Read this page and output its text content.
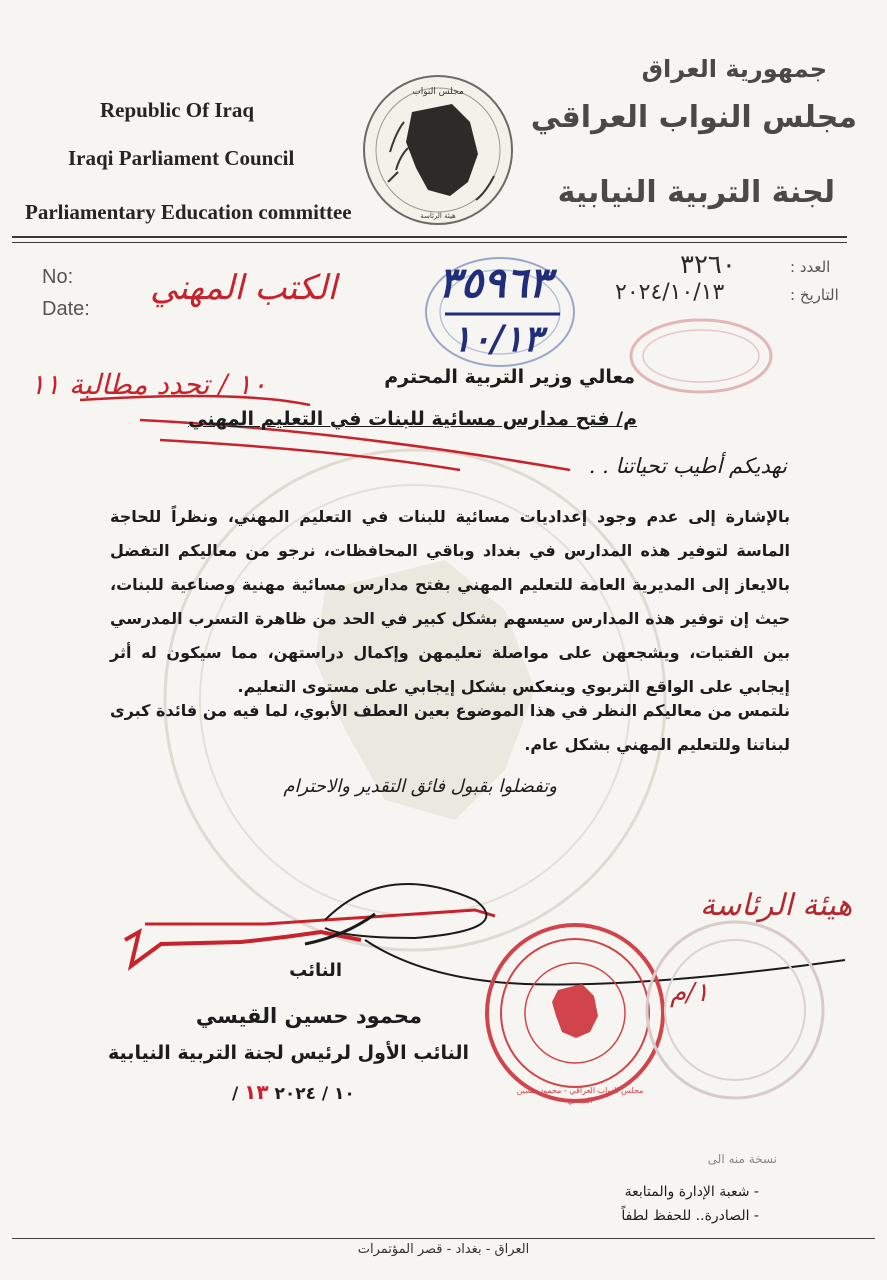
Republic Of Iraq
Iraqi Parliament Council
Parliamentary Education committee
جمهورية العراق
مجلس النواب العراقي
لجنة التربية النيابية
مجلس النواب
هيئة الرئاسة
No:
Date:
العدد :
التاريخ :
٣٢٦٠
٢٠٢٤/١٠/١٣
٣٥٩٦٣
١٠/١٣
الكتب المهني
١٠ / تحدد مطالبة ١١	معالي وزير التربية المحترم
م/ فتح مدارس مسائية للبنات في التعليم المهني
نهديكم أطيب تحياتنا . .
بالإشارة إلى عدم وجود إعداديات مسائية للبنات في التعليم المهني، ونظراً للحاجة الماسة لتوفير هذه المدارس في بغداد وباقي المحافظات، نرجو من معاليكم التفضل بالايعاز إلى المديرية العامة للتعليم المهني بفتح مدارس مسائية مهنية وصناعية للبنات، حيث إن توفير هذه المدارس سيسهم بشكل كبير في الحد من ظاهرة التسرب المدرسي بين الفتيات، ويشجعهن على مواصلة تعليمهن وإكمال دراستهن، مما سيكون له أثر إيجابي على الواقع التربوي وينعكس بشكل إيجابي على مستوى التعليم.
نلتمس من معاليكم النظر في هذا الموضوع بعين العطف الأبوي، لما فيه من فائدة كبرى لبناتنا وللتعليم المهني بشكل عام.
وتفضلوا بقبول فائق التقدير والاحترام
مجلس النواب العراقي - محمود حسين القيسي
هيئة الرئاسة
١/م
النائب
محمود حسين القيسي
النائب الأول لرئيس لجنة التربية النيابية
/ ١٠ / ٢٠٢٤ ١٣
نسخة منه الى
- شعبة الإدارة والمتابعة
- الصادرة.. للحفظ لطفاً
العراق - بغداد - قصر المؤتمرات
